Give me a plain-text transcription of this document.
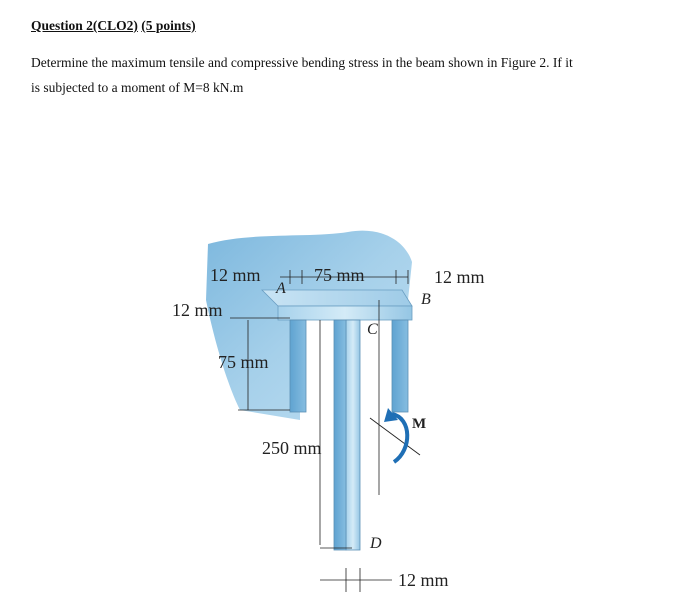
Question 2(CLO2) (5 points)
Determine the maximum tensile and compressive bending stress in the beam shown in Figure 2. If it
is subjected to a moment of M=8 kN.m
12 mm	75 mm	12 mm
12 mm
75 mm
250 mm
12 mm
A
B
C
D
M
